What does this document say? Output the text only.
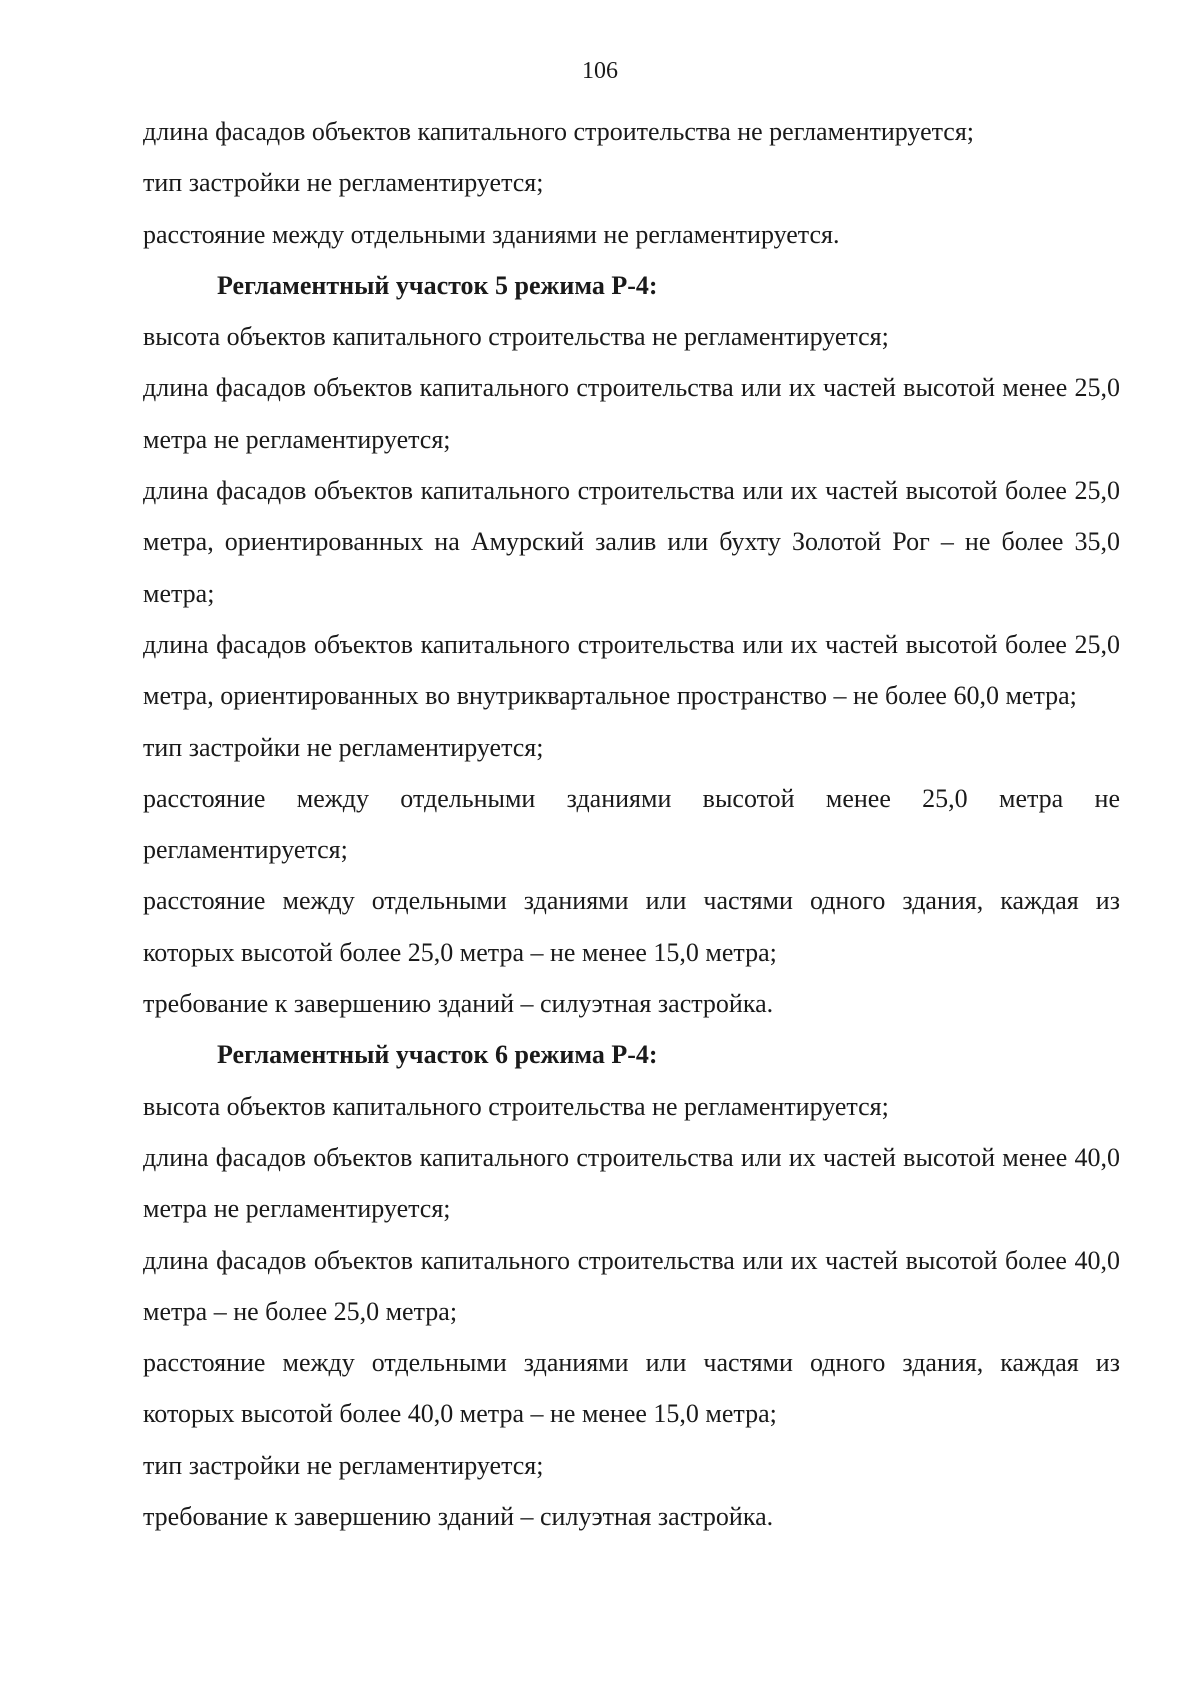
106

длина фасадов объектов капитального строительства не регламентируется;

тип застройки не регламентируется;

расстояние между отдельными зданиями не регламентируется.

Регламентный участок 5 режима Р-4:

высота объектов капитального строительства не регламентируется;

длина фасадов объектов капитального строительства или их частей высотой менее 25,0 метра не регламентируется;

длина фасадов объектов капитального строительства или их частей высотой более 25,0 метра, ориентированных на Амурский залив или бухту Золотой Рог – не более 35,0 метра;

длина фасадов объектов капитального строительства или их частей высотой более 25,0 метра, ориентированных во внутриквартальное пространство – не более 60,0 метра;

тип застройки не регламентируется;

расстояние между отдельными зданиями высотой менее 25,0 метра не регламентируется;

расстояние между отдельными зданиями или частями одного здания, каждая из которых высотой более 25,0 метра – не менее 15,0 метра;

требование к завершению зданий – силуэтная застройка.

Регламентный участок 6 режима Р-4:

высота объектов капитального строительства не регламентируется;

длина фасадов объектов капитального строительства или их частей высотой менее 40,0 метра не регламентируется;

длина фасадов объектов капитального строительства или их частей высотой более 40,0 метра – не более 25,0 метра;

расстояние между отдельными зданиями или частями одного здания, каждая из которых высотой более 40,0 метра – не менее 15,0 метра;

тип застройки не регламентируется;

требование к завершению зданий – силуэтная застройка.
